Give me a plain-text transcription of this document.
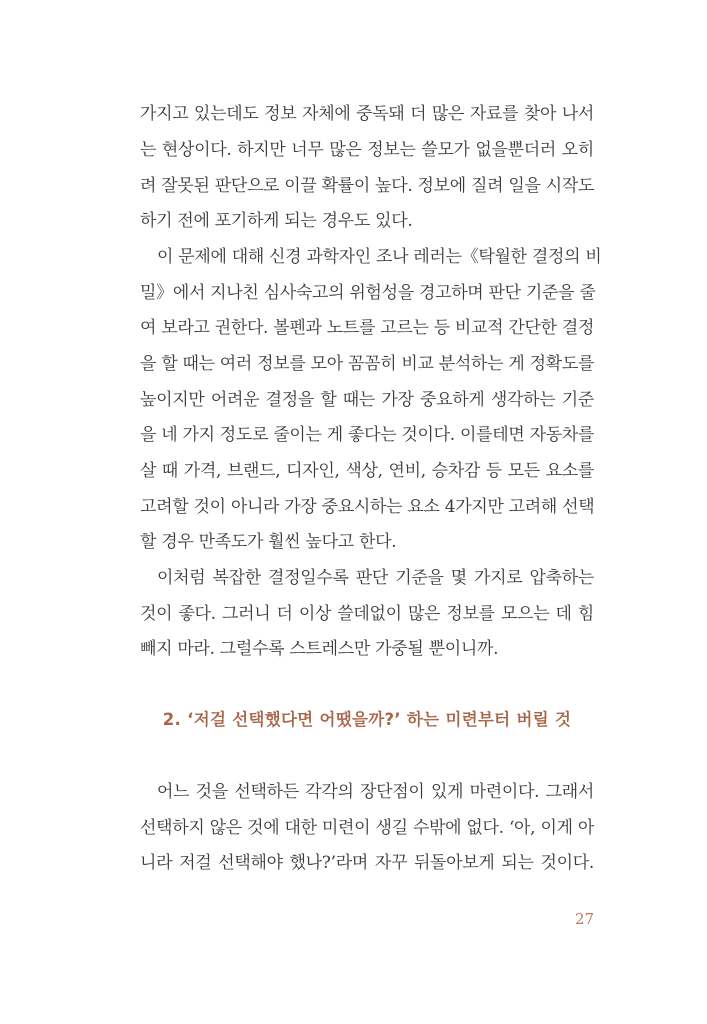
가지고 있는데도 정보 자체에 중독돼 더 많은 자료를 찾아 나서
는 현상이다. 하지만 너무 많은 정보는 쓸모가 없을뿐더러 오히
려 잘못된 판단으로 이끌 확률이 높다. 정보에 질려 일을 시작도
하기 전에 포기하게 되는 경우도 있다.
이 문제에 대해 신경 과학자인 조나 레러는《탁월한 결정의 비
밀》에서 지나친 심사숙고의 위험성을 경고하며 판단 기준을 줄
여 보라고 권한다. 볼펜과 노트를 고르는 등 비교적 간단한 결정
을 할 때는 여러 정보를 모아 꼼꼼히 비교 분석하는 게 정확도를
높이지만 어려운 결정을 할 때는 가장 중요하게 생각하는 기준
을 네 가지 정도로 줄이는 게 좋다는 것이다. 이를테면 자동차를
살 때 가격, 브랜드, 디자인, 색상, 연비, 승차감 등 모든 요소를
고려할 것이 아니라 가장 중요시하는 요소 4가지만 고려해 선택
할 경우 만족도가 훨씬 높다고 한다.
이처럼 복잡한 결정일수록 판단 기준을 몇 가지로 압축하는
것이 좋다. 그러니 더 이상 쓸데없이 많은 정보를 모으는 데 힘
빼지 마라. 그럴수록 스트레스만 가중될 뿐이니까.
2. ‘저걸 선택했다면 어땠을까?’ 하는 미련부터 버릴 것
어느 것을 선택하든 각각의 장단점이 있게 마련이다. 그래서
선택하지 않은 것에 대한 미련이 생길 수밖에 없다. ‘아, 이게 아
니라 저걸 선택해야 했나?’라며 자꾸 뒤돌아보게 되는 것이다.
27
